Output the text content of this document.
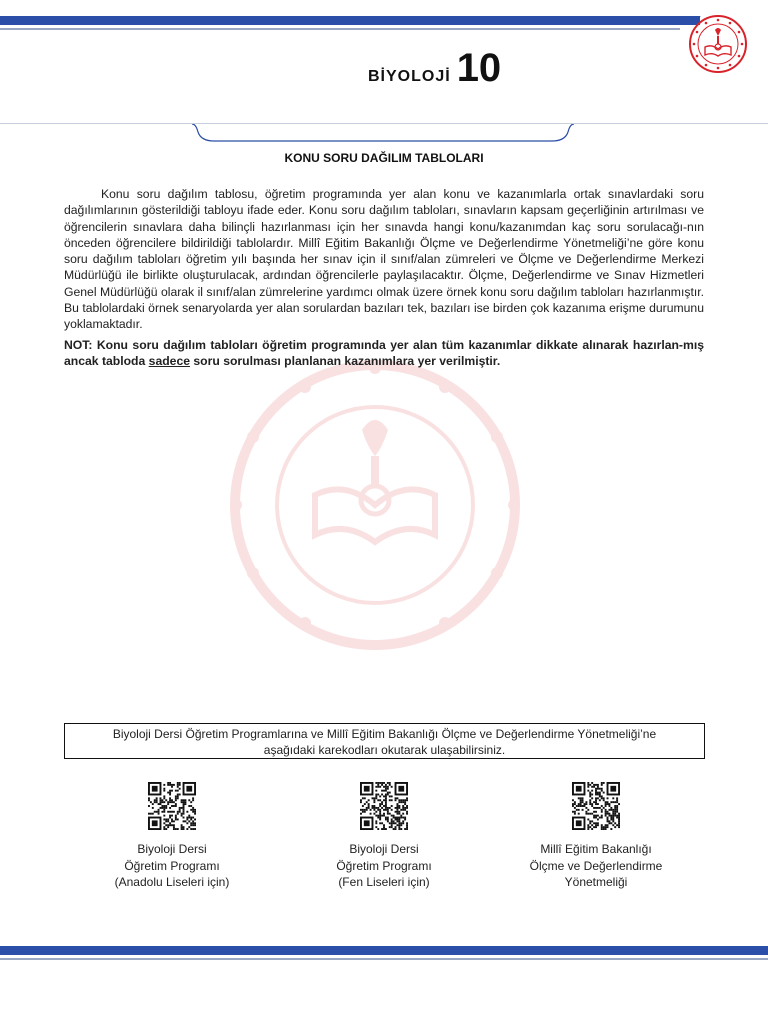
BİYOLOJİ 10
KONU SORU DAĞILIM TABLOLARI

Konu soru dağılım tablosu, öğretim programında yer alan konu ve kazanımlarla ortak sınavlardaki soru dağılımlarının gösterildiği tabloyu ifade eder. Konu soru dağılım tabloları, sınavların kapsam geçerliğinin artırılması ve öğrencilerin sınavlara daha bilinçli hazırlanması için her sınavda hangi konu/kazanımdan kaç soru sorulacağı-nın önceden öğrencilere bildirildiği tablolardır. Millî Eğitim Bakanlığı Ölçme ve Değerlendirme Yönetmeliği’ne göre konu soru dağılım tabloları öğretim yılı başında her sınav için il sınıf/alan zümreleri ve Ölçme ve Değerlendirme Merkezi Müdürlüğü ile birlikte oluşturulacak, ardından öğrencilerle paylaşılacaktır. Ölçme, Değerlendirme ve Sınav Hizmetleri Genel Müdürlüğü olarak il sınıf/alan zümrelerine yardımcı olmak üzere örnek konu soru dağılım tabloları hazırlanmıştır. Bu tablolardaki örnek senaryolarda yer alan sorulardan bazıları tek, bazıları ise birden çok kazanıma erişme durumunu yoklamaktadır.

NOT: Konu soru dağılım tabloları öğretim programında yer alan tüm kazanımlar dikkate alınarak hazırlan-mış ancak tabloda sadece soru sorulması planlanan kazanımlara yer verilmiştir.

Biyoloji Dersi Öğretim Programlarına ve Millî Eğitim Bakanlığı Ölçme ve Değerlendirme Yönetmeliği’ne
aşağıdaki karekodları okutarak ulaşabilirsiniz.
Biyoloji Dersi
Öğretim Programı
(Anadolu Liseleri için)
Biyoloji Dersi
Öğretim Programı
(Fen Liseleri için)
Millî Eğitim Bakanlığı
Ölçme ve Değerlendirme
Yönetmeliği
